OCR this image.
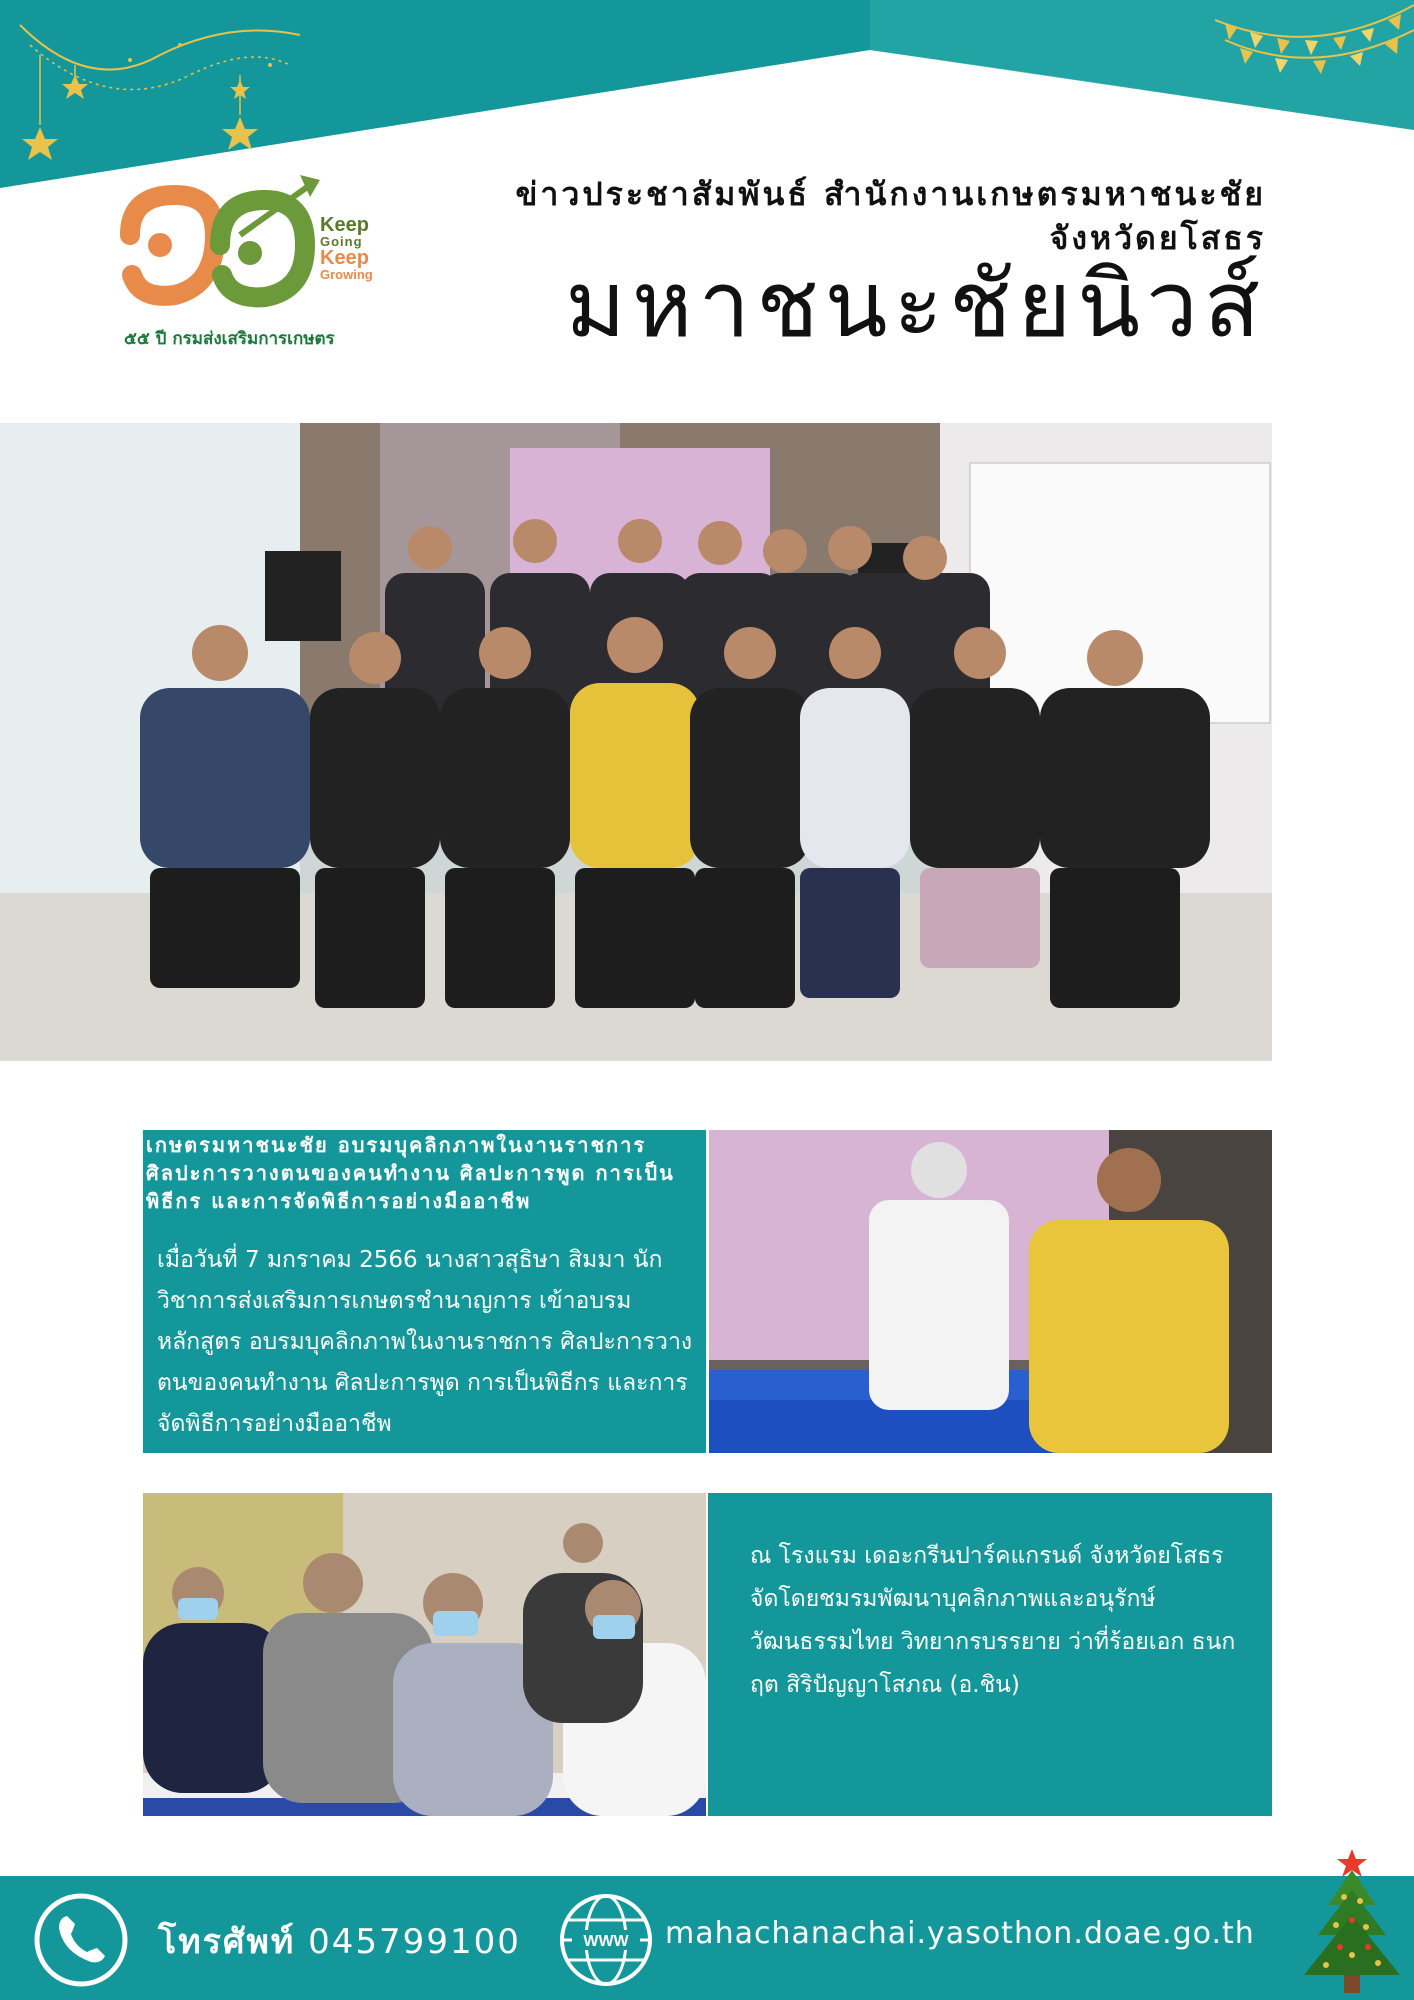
Keep
Going
Keep
Growing
๕๕ ปี กรมส่งเสริมการเกษตร
ข่าวประชาสัมพันธ์ สำนักงานเกษตรมหาชนะชัย
จังหวัดยโสธร
มหาชนะชัยนิวส์
เกษตรมหาชนะชัย อบรมบุคลิกภาพในงานราชการ ศิลปะการวางตนของคนทำงาน ศิลปะการพูด การเป็นพิธีกร และการจัดพิธีการอย่างมืออาชีพ
เมื่อวันที่ 7 มกราคม 2566 นางสาวสุธิษา สิมมา นักวิชาการส่งเสริมการเกษตรชำนาญการ เข้าอบรมหลักสูตร อบรมบุคลิกภาพในงานราชการ ศิลปะการวางตนของคนทำงาน ศิลปะการพูด การเป็นพิธีกร และการจัดพิธีการอย่างมืออาชีพ
ณ โรงแรม เดอะกรีนปาร์คแกรนด์ จังหวัดยโสธร จัดโดยชมรมพัฒนาบุคลิกภาพและอนุรักษ์วัฒนธรรมไทย วิทยากรบรรยาย ว่าที่ร้อยเอก ธนกฤต สิริปัญญาโสภณ (อ.ชิน)
โทรศัพท์ 045799100	WWW mahachanachai.yasothon.doae.go.th
